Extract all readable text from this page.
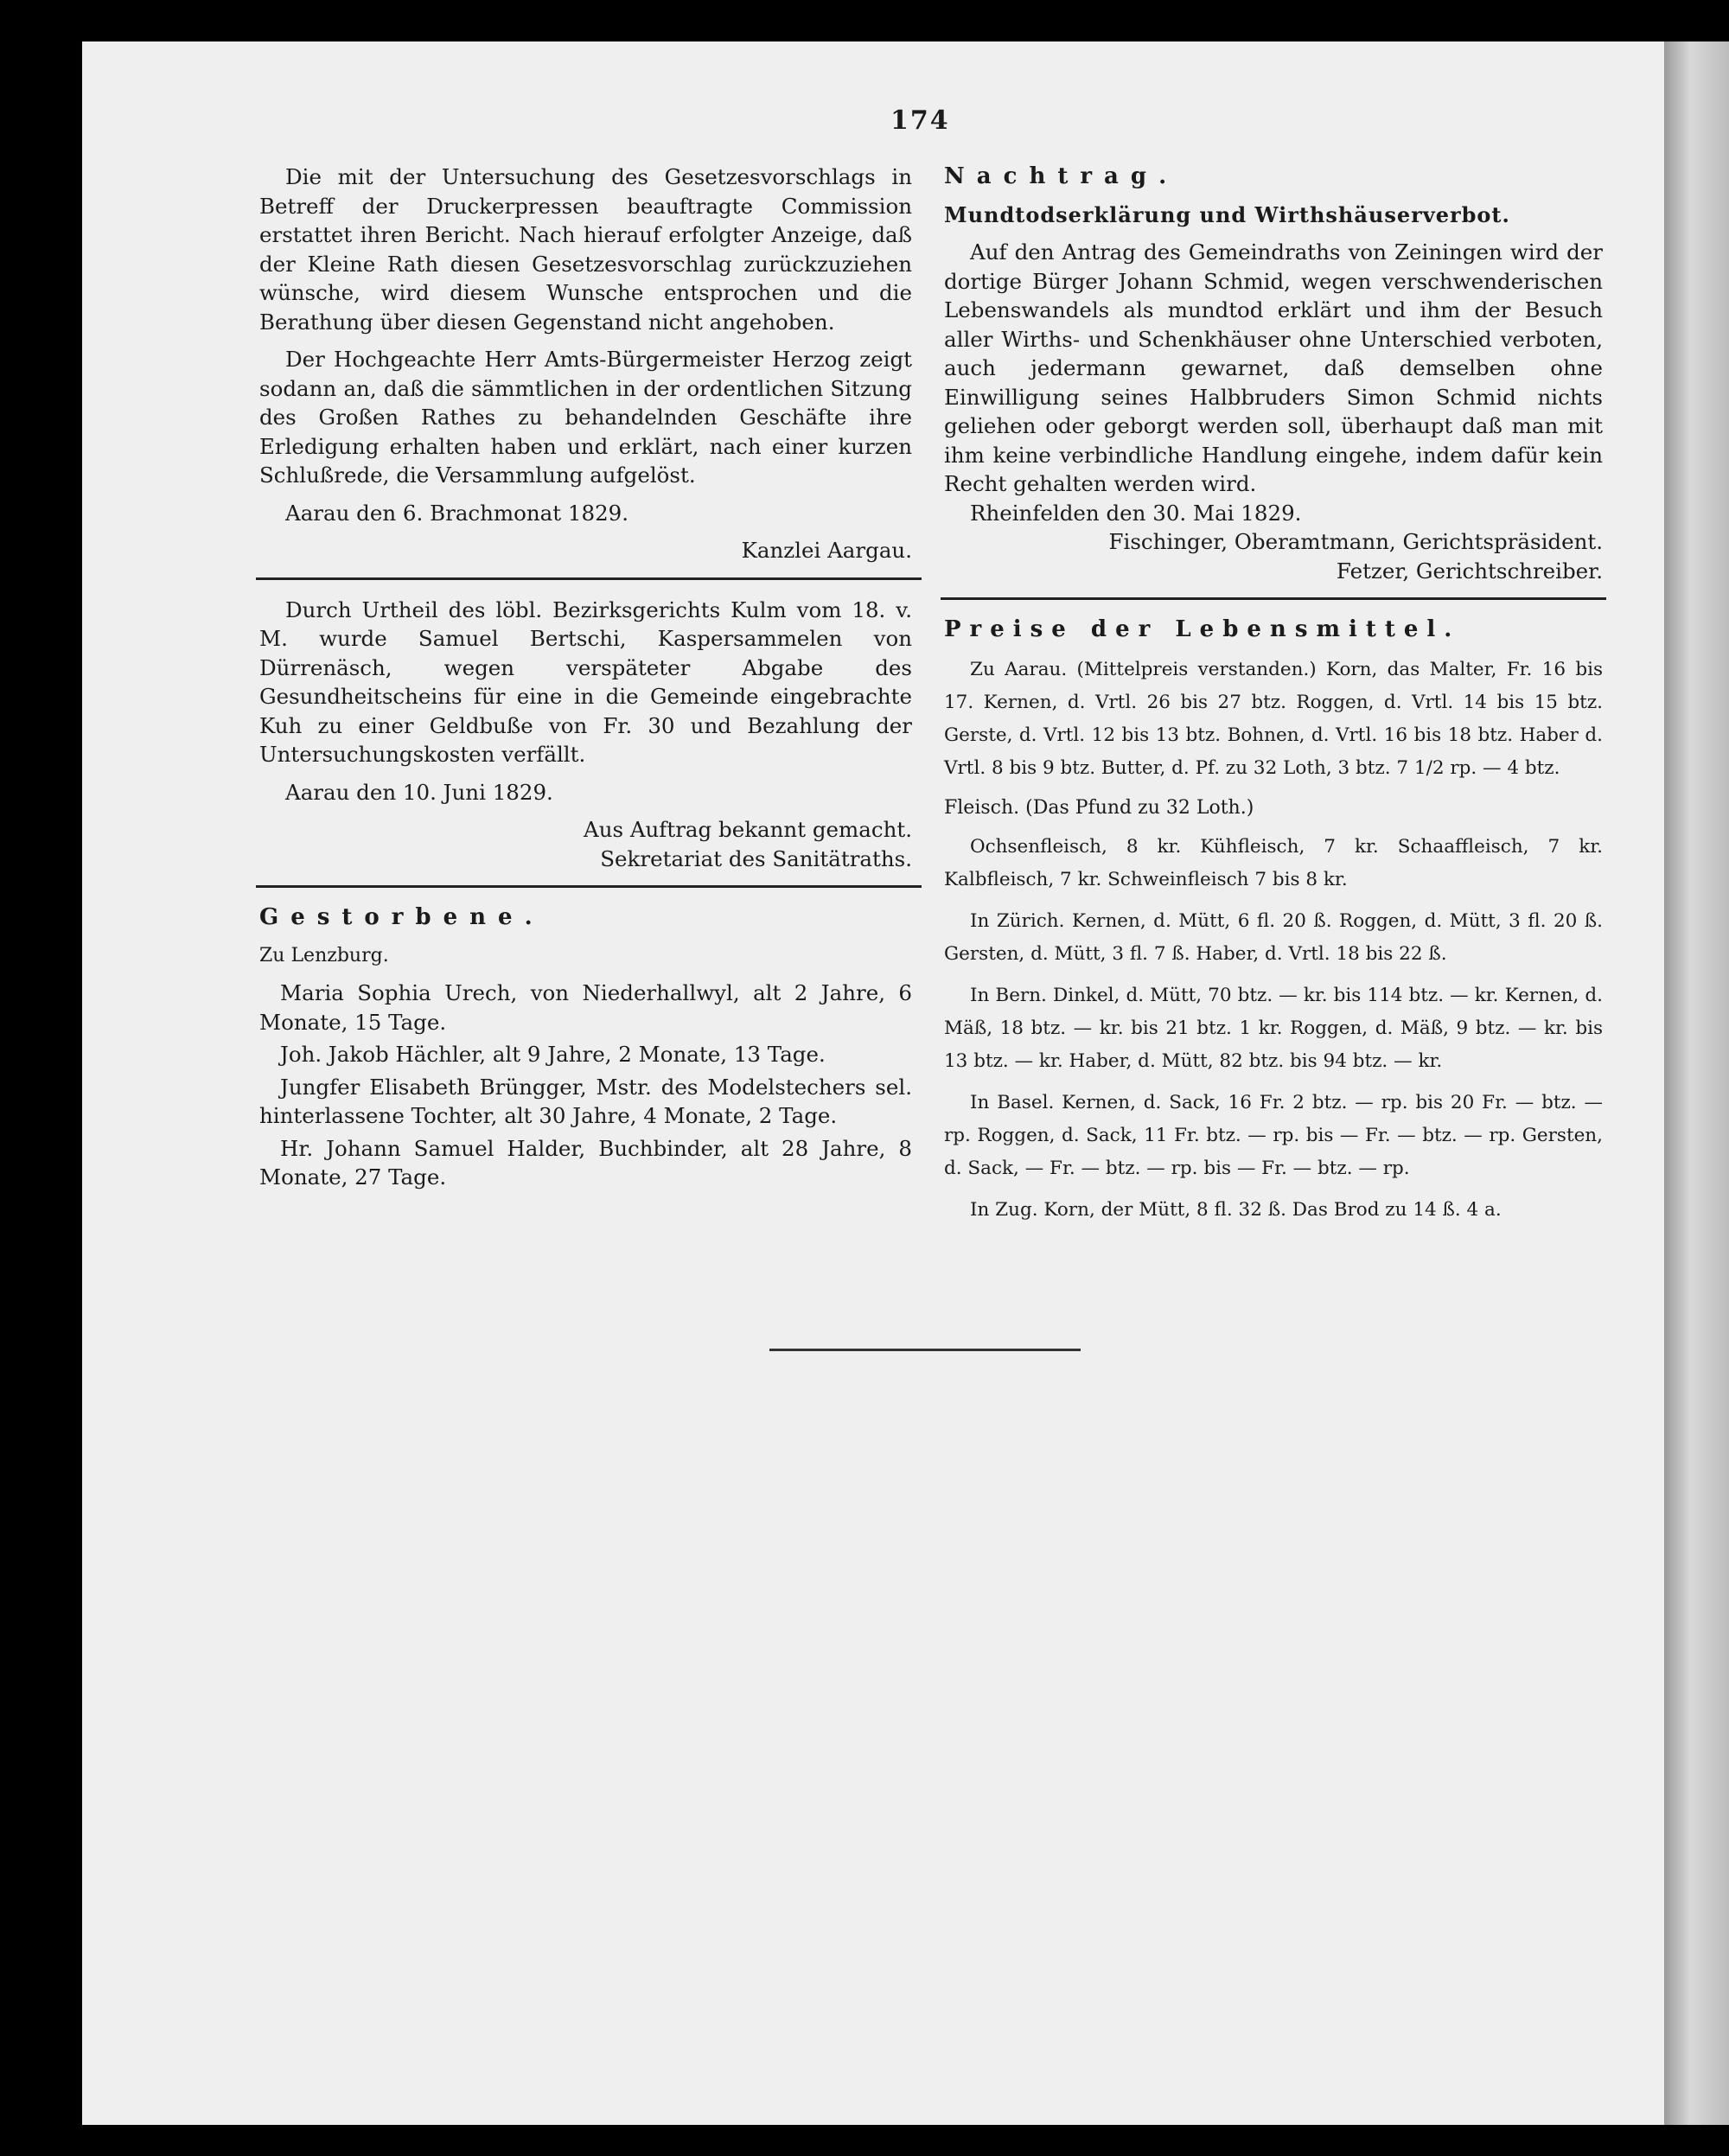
174

Die mit der Untersuchung des Gesetzesvorschlags in Betreff der Druckerpressen beauftragte Commission erstattet ihren Bericht. Nach hierauf erfolgter Anzeige, daß der Kleine Rath diesen Gesetzesvorschlag zurückzuziehen wünsche, wird diesem Wunsche entsprochen und die Berathung über diesen Gegenstand nicht angehoben.

Der Hochgeachte Herr Amts-Bürgermeister Herzog zeigt sodann an, daß die sämmtlichen in der ordentlichen Sitzung des Großen Rathes zu behandelnden Geschäfte ihre Erledigung erhalten haben und erklärt, nach einer kurzen Schlußrede, die Versammlung aufgelöst.

Aarau den 6. Brachmonat 1829.

Kanzlei Aargau.

Durch Urtheil des löbl. Bezirksgerichts Kulm vom 18. v. M. wurde Samuel Bertschi, Kaspersammelen von Dürrenäsch, wegen verspäteter Abgabe des Gesundheitscheins für eine in die Gemeinde eingebrachte Kuh zu einer Geldbuße von Fr. 30 und Bezahlung der Untersuchungskosten verfällt.

Aarau den 10. Juni 1829.

Aus Auftrag bekannt gemacht.

Sekretariat des Sanitätraths.

Gestorbene.

Zu Lenzburg.

Maria Sophia Urech, von Niederhallwyl, alt 2 Jahre, 6 Monate, 15 Tage.

Joh. Jakob Hächler, alt 9 Jahre, 2 Monate, 13 Tage.

Jungfer Elisabeth Brüngger, Mstr. des Modelstechers sel. hinterlassene Tochter, alt 30 Jahre, 4 Monate, 2 Tage.

Hr. Johann Samuel Halder, Buchbinder, alt 28 Jahre, 8 Monate, 27 Tage.

Nachtrag.

Mundtodserklärung und Wirthshäuserverbot.

Auf den Antrag des Gemeindraths von Zeiningen wird der dortige Bürger Johann Schmid, wegen verschwenderischen Lebenswandels als mundtod erklärt und ihm der Besuch aller Wirths- und Schenkhäuser ohne Unterschied verboten, auch jedermann gewarnet, daß demselben ohne Einwilligung seines Halbbruders Simon Schmid nichts geliehen oder geborgt werden soll, überhaupt daß man mit ihm keine verbindliche Handlung eingehe, indem dafür kein Recht gehalten werden wird.

Rheinfelden den 30. Mai 1829.

Fischinger, Oberamtmann, Gerichtspräsident.

Fetzer, Gerichtschreiber.

Preise der Lebensmittel.

Zu Aarau. (Mittelpreis verstanden.) Korn, das Malter, Fr. 16 bis 17. Kernen, d. Vrtl. 26 bis 27 btz. Roggen, d. Vrtl. 14 bis 15 btz. Gerste, d. Vrtl. 12 bis 13 btz. Bohnen, d. Vrtl. 16 bis 18 btz. Haber d. Vrtl. 8 bis 9 btz. Butter, d. Pf. zu 32 Loth, 3 btz. 7 1/2 rp. — 4 btz.

Fleisch. (Das Pfund zu 32 Loth.)

Ochsenfleisch, 8 kr. Kühfleisch, 7 kr. Schaaffleisch, 7 kr. Kalbfleisch, 7 kr. Schweinfleisch 7 bis 8 kr.

In Zürich. Kernen, d. Mütt, 6 fl. 20 ß. Roggen, d. Mütt, 3 fl. 20 ß. Gersten, d. Mütt, 3 fl. 7 ß. Haber, d. Vrtl. 18 bis 22 ß.

In Bern. Dinkel, d. Mütt, 70 btz. — kr. bis 114 btz. — kr. Kernen, d. Mäß, 18 btz. — kr. bis 21 btz. 1 kr. Roggen, d. Mäß, 9 btz. — kr. bis 13 btz. — kr. Haber, d. Mütt, 82 btz. bis 94 btz. — kr.

In Basel. Kernen, d. Sack, 16 Fr. 2 btz. — rp. bis 20 Fr. — btz. — rp. Roggen, d. Sack, 11 Fr. btz. — rp. bis — Fr. — btz. — rp. Gersten, d. Sack, — Fr. — btz. — rp. bis — Fr. — btz. — rp.

In Zug. Korn, der Mütt, 8 fl. 32 ß. Das Brod zu 14 ß. 4 a.
